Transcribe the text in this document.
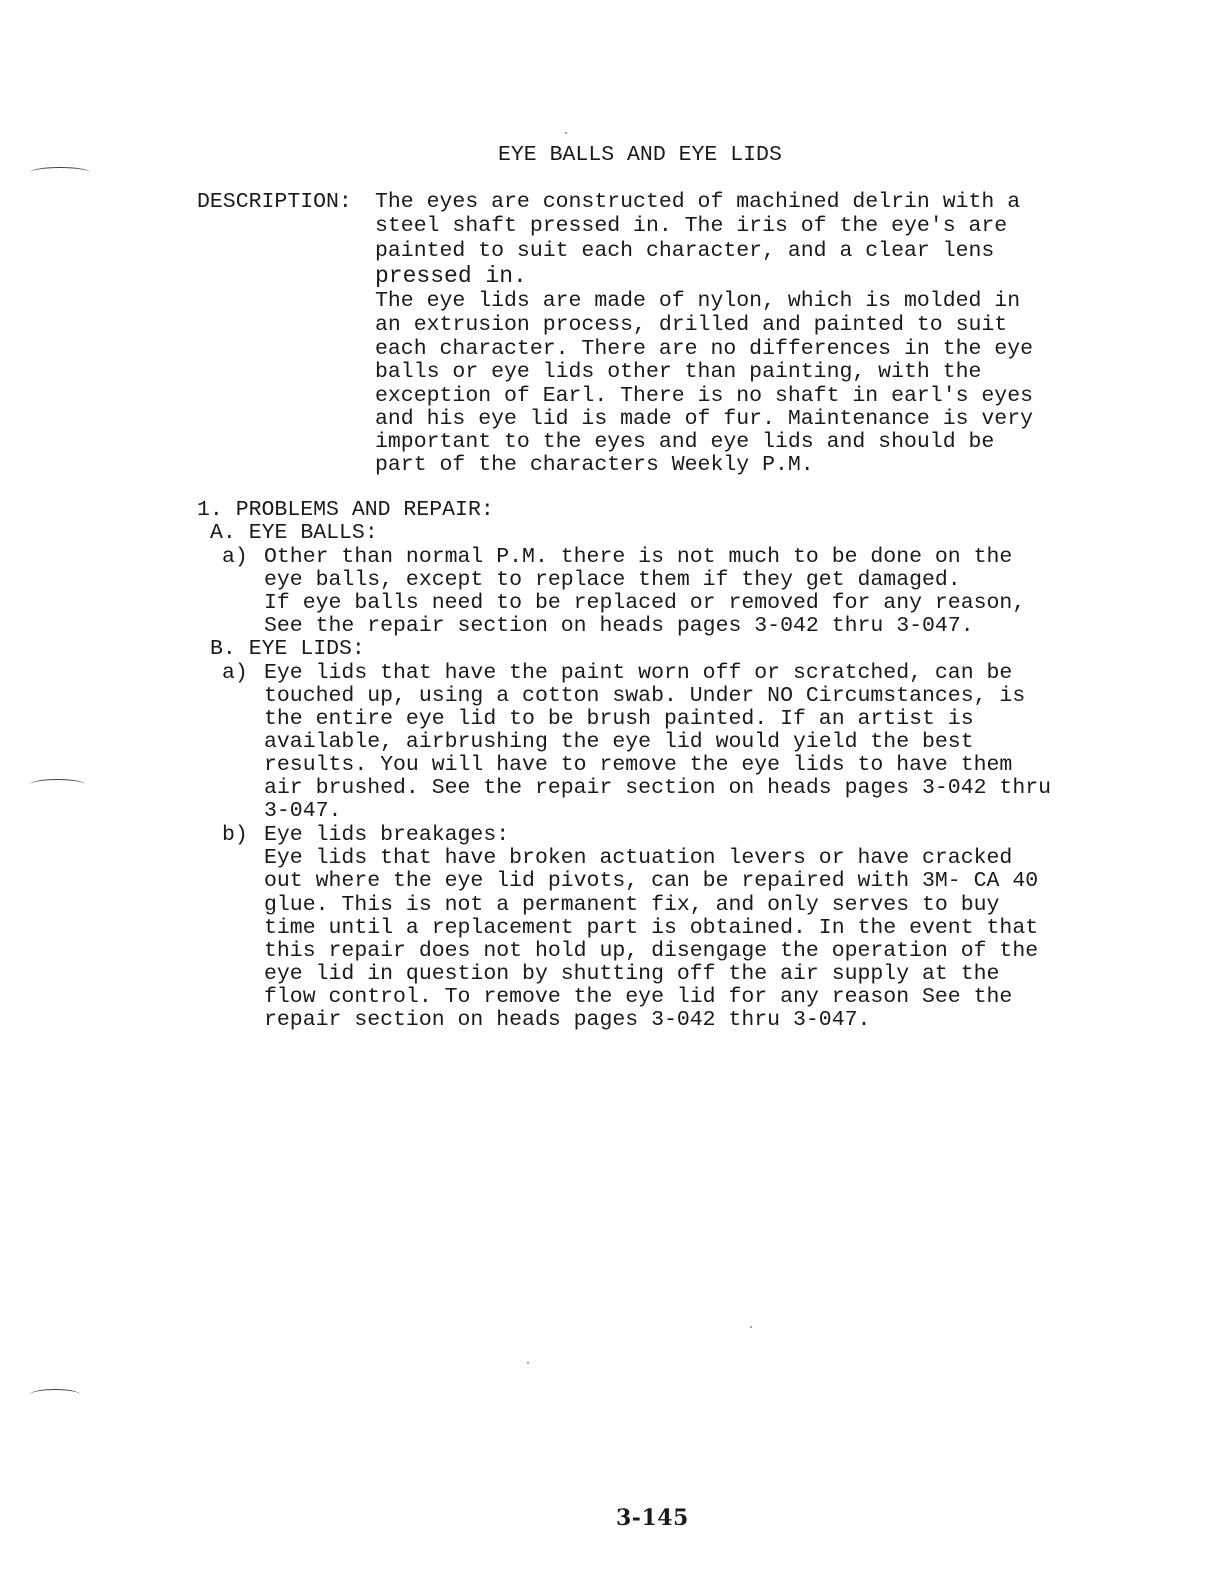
EYE BALLS AND EYE LIDS
DESCRIPTION: The eyes are constructed of machined delrin with a
steel shaft pressed in. The iris of the eye's are
painted to suit each character, and a clear lens
pressed in.
The eye lids are made of nylon, which is molded in
an extrusion process, drilled and painted to suit
each character. There are no differences in the eye
balls or eye lids other than painting, with the
exception of Earl. There is no shaft in earl's eyes
and his eye lid is made of fur. Maintenance is very
important to the eyes and eye lids and should be
part of the characters Weekly P.M.
1. PROBLEMS AND REPAIR:
A. EYE BALLS:
a) Other than normal P.M. there is not much to be done on the
eye balls, except to replace them if they get damaged.
If eye balls need to be replaced or removed for any reason,
See the repair section on heads pages 3-042 thru 3-047.
B. EYE LIDS:
a) Eye lids that have the paint worn off or scratched, can be
touched up, using a cotton swab. Under NO Circumstances, is
the entire eye lid to be brush painted. If an artist is
available, airbrushing the eye lid would yield the best
results. You will have to remove the eye lids to have them
air brushed. See the repair section on heads pages 3-042 thru
3-047.
b) Eye lids breakages:
Eye lids that have broken actuation levers or have cracked
out where the eye lid pivots, can be repaired with 3M- CA 40
glue. This is not a permanent fix, and only serves to buy
time until a replacement part is obtained. In the event that
this repair does not hold up, disengage the operation of the
eye lid in question by shutting off the air supply at the
flow control. To remove the eye lid for any reason See the
repair section on heads pages 3-042 thru 3-047.
3-145
